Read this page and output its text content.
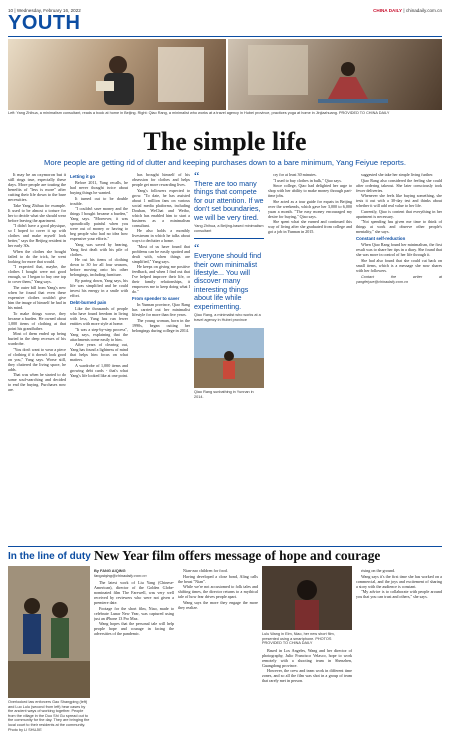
10 | Wednesday, February 16, 2022	CHINA DAILY | chinadaily.com.cn
YOUTH
Left: Yang Zhihua, a minimalism consultant, reads a book at home in Beijing. Right: Qiao Rang, a minimalist who works at a travel agency in Hubei province, practices yoga at home in Jinjiazhuang. PROVIDED TO CHINA DAILY
The simple life
More people are getting rid of clutter and keeping purchases down to a bare minimum, Yang Feiyue reports.

It may be an oxymoron but it still rings true, especially these days. More people are touting the benefits of "less is more" after cutting their life down to the bare necessities.

Take Yang Zhihua for example. It used to be almost a torture for her to decide what she should wear before leaving the apartment.

"I didn't have a good physique, so I hoped to cover it up with clothes and make myself look better," says the Beijing resident in her early 30s.

When the clothes she bought failed to do the trick, he went looking for more that would.

"I expected that, maybe, the clothes I bought were not good enough, so I began to buy one top to cover them," Yang says.

The outer bill from Yang's new when he found that even these expensive clothes couldn't give him the image of himself he had in his mind.

To make things worse, they became a burden. He owned about 1,000 items of clothing at that point his grandfather.

Most of them ended up being buried in the deep recesses of his wardrobe.

"You don't want to wear a piece of clothing if it doesn't look good on you," Yang says. Worse still, they cluttered the living space, he adds.

That was when he started to do some soul-searching and decided to end the buying. Purchases now are.

Letting it go

Before 2011, Yang recalls, he had never thought twice about buying things he wanted.

It turned out to be double trouble.

"I couldn't save money and the things I bought became a burden," Yang says. "Moreover, it was sporadically painful when you were out of money or having to beg people who had no idea how expensive your efforts."

Yang was saved by hearing, Yang first dealt with his pile of clothes.

He cut his items of clothing down to 30 for all four seasons, before moving onto his other belongings, including furniture.

By paring down, Yang says, his life was simplified and he could invest his energy in a smile with effort.

Debt-burned pain

Like the thousands of people who have found freedom in living with less, Yang has run fewer entities with more style at home.

"It was a step-by-step process", Yang says, explaining that the attachments come easily to him.

After years of clearing out, Yang has found a lightness of mind that helps him focus on what matters.

A wardrobe of 1,000 items and growing debt cards - that's what Yang's life looked like at one point.

has brought himself of his obsession for clothes and helps people get more rewarding lives.

Yang's followers expected to grow. "To date, he has assisted about 1 million fans on various social media platforms, including Douban, WeChat and Weibo, which has enabled him to start a business as a minimalism consultant.

He also holds a monthly livestream in which he talks about ways to declutter a home.

"Most of us have found that problems can be easily spotted and dealt with, when things are simplified," Yang says.

He keeps on giving me positive feedback, and when I find out that I've helped improve their life, or their family relationships, it empowers me to keep doing what I do."

From spender to saver

In Yunnan province, Qiao Rang has carried out her minimalist lifestyle for more than five years.

The young woman, born in the 1990s, began cutting her belongings during college in 2014.

“
There are too many things that compete for our attention. If we don't set boundaries, we will be very tired.
Yang Zhihua, a Beijing-based minimalism consultant
“
Everyone should find their own minimalist lifestyle... You will discover many interesting things about life while experimenting.
Qiao Rang, a minimalist who works at a travel agency in Hubei province
Qiao Rang sunbathing in Yunnan in 2014.

cry for at least 30 minutes.

"I used to buy clothes in bulk," Qiao says.

Since college, Qiao had delighted her urge to shop with her ability to make money through part-time jobs.

She acted as a tour guide for expats in Beijing over the weekends, which gave her 3,000 to 6,000 yuan a month. "The easy money encouraged my desire for buying," Qiao says.

She spent what she earned and continued this way of living after she graduated from college and got a job in Yunnan in 2015.

suggested she take her simple living further.

Qiao Rang also considered the feeling she could after ordering takeout. She later consciously took fewer deliveries.

Whenever she feels like buying something, she tests it out with a 30-day test and thinks about whether it will add real value to her life.

Currently, Qiao is content that everything in her apartment is necessary.

"Not spending has given me time to think of things at work and observe other people's mentality," she says.

Constant self-reduction

When Qiao Rang found her minimalism, the first result was to share her tips in a diary. She found that she was more in control of her life through it.

She had also found that she could cut back on small items, which is a message she now shares with her followers.

Contact the writer at yangfeiyue@chinadaily.com.cn

In the line of duty New Year film offers message of hope and courage
Overlooked law enforcers Gao Shangping (left) and Luo Lulu (second from left) hear cases by the ancient ways of working together. People from the village in the Duo Shi Gu spread out to the community for the day. They are bringing the local court to their residents at the community. Photo by LI SHUJIE
By FANG AIQING
fangaiqing@chinadaily.com.cn

The latest work of Liu Yang (Chinese-American), director of the Golden Globe-nominated film The Farewell, was very well received by reviewers who were not given a premiere date.

Footage for the short film, Niao, made to celebrate Lunar New Year, was captured using just an iPhone 13 Pro Max.

Wang hopes that the personal tale will help people hope and courage in facing the adversities of the pandemic.

Nian-zao children for food.

Having developed a close bond, Aling calls the beast "Nian".

While we're not accustomed to folk tales and shifting times, the director returns to a mythical tale of how fear drives people apart.

Wang says the more they engage the more they realize.

Lulu Wang in Elm, Niao, her new short film, presented using a smartphone. PHOTOS PROVIDED TO CHINA DAILY

Based in Los Angeles, Wang and her director of photography, Julio Francisco Velasco, hope to work remotely with a shooting team in Shenzhen, Guangdong province.

However, the crew and team work in different time zones, and so all the film was shot in a group of team that rarely met in person.

rising on the ground.

Wang says it's the first time she has worked on a commercial, and the joys and excitement of sharing a story with the audience is constant.

"My advice is to collaborate with people around you that you can trust and others," she says.
